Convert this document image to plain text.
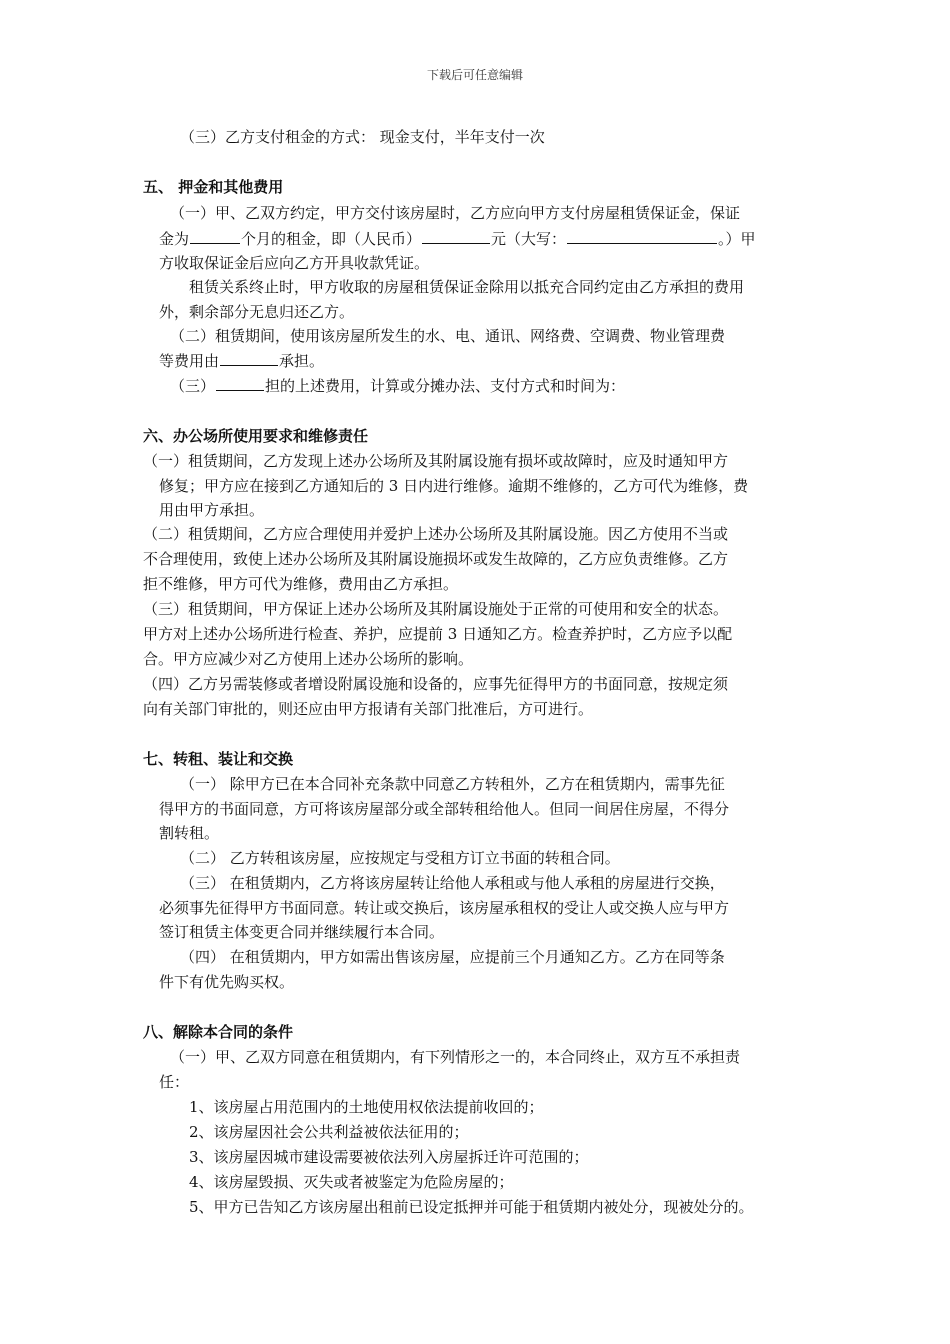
下载后可任意编辑
（三）乙方支付租金的方式： 现金支付，半年支付一次
五、 押金和其他费用
（一）甲、乙双方约定，甲方交付该房屋时，乙方应向甲方支付房屋租赁保证金，保证
金为	个月的租金，即（人民币）	元（大写：	。）甲
方收取保证金后应向乙方开具收款凭证。
租赁关系终止时，甲方收取的房屋租赁保证金除用以抵充合同约定由乙方承担的费用
外，剩余部分无息归还乙方。
（二）租赁期间，使用该房屋所发生的水、电、通讯、网络费、空调费、物业管理费
等费用由	承担。
（三）	担的上述费用，计算或分摊办法、支付方式和时间为：
六、办公场所使用要求和维修责任
（一）租赁期间，乙方发现上述办公场所及其附属设施有损坏或故障时，应及时通知甲方
修复；甲方应在接到乙方通知后的 3 日内进行维修。逾期不维修的，乙方可代为维修，费
用由甲方承担。
（二）租赁期间，乙方应合理使用并爱护上述办公场所及其附属设施。因乙方使用不当或
不合理使用，致使上述办公场所及其附属设施损坏或发生故障的，乙方应负责维修。乙方
拒不维修，甲方可代为维修，费用由乙方承担。
（三）租赁期间，甲方保证上述办公场所及其附属设施处于正常的可使用和安全的状态。
甲方对上述办公场所进行检查、养护，应提前 3 日通知乙方。检查养护时，乙方应予以配
合。甲方应减少对乙方使用上述办公场所的影响。
（四）乙方另需装修或者增设附属设施和设备的，应事先征得甲方的书面同意，按规定须
向有关部门审批的，则还应由甲方报请有关部门批准后，方可进行。
七、转租、装让和交换
（一） 除甲方已在本合同补充条款中同意乙方转租外，乙方在租赁期内，需事先征
得甲方的书面同意，方可将该房屋部分或全部转租给他人。但同一间居住房屋，不得分
割转租。
（二） 乙方转租该房屋，应按规定与受租方订立书面的转租合同。
（三） 在租赁期内，乙方将该房屋转让给他人承租或与他人承租的房屋进行交换，
必须事先征得甲方书面同意。转让或交换后，该房屋承租权的受让人或交换人应与甲方
签订租赁主体变更合同并继续履行本合同。
（四） 在租赁期内，甲方如需出售该房屋，应提前三个月通知乙方。乙方在同等条
件下有优先购买权。
八、解除本合同的条件
（一）甲、乙双方同意在租赁期内，有下列情形之一的，本合同终止，双方互不承担责
任：
1、该房屋占用范围内的土地使用权依法提前收回的；
2、该房屋因社会公共利益被依法征用的；
3、该房屋因城市建设需要被依法列入房屋拆迁许可范围的；
4、该房屋毁损、灭失或者被鉴定为危险房屋的；
5、甲方已告知乙方该房屋出租前已设定抵押并可能于租赁期内被处分，现被处分的。
